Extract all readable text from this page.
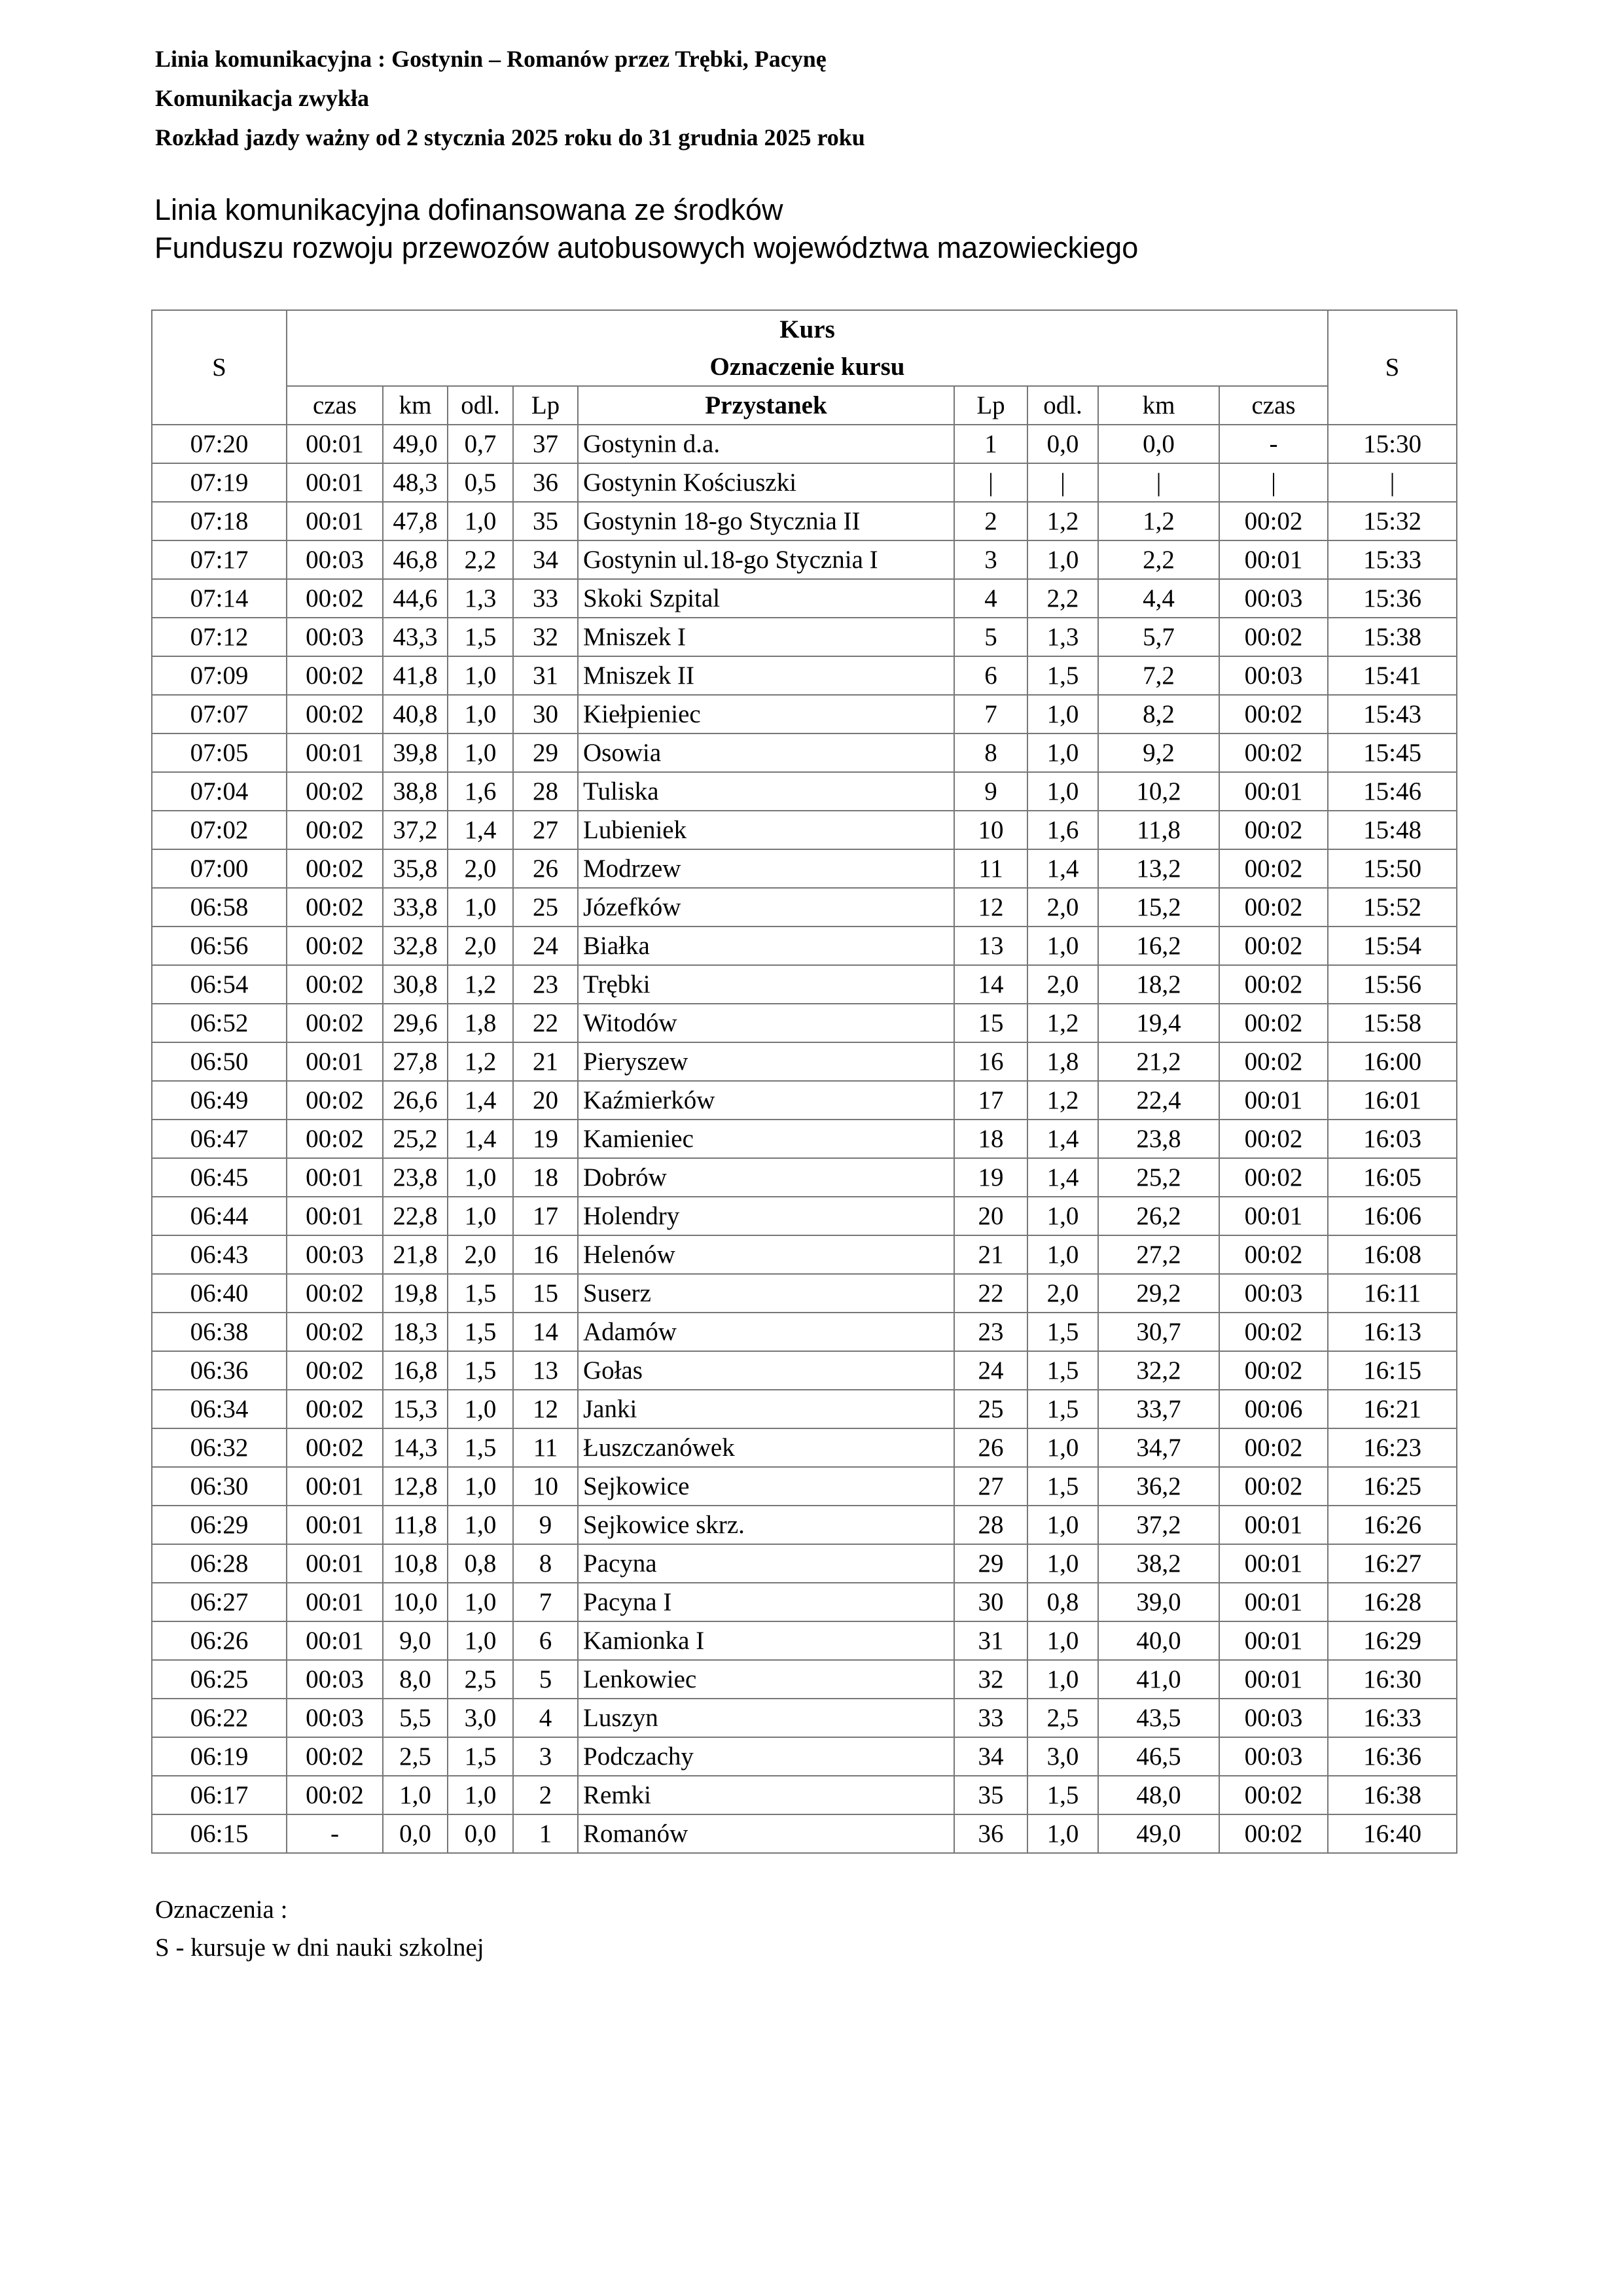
Linia komunikacyjna : Gostynin – Romanów przez Trębki, Pacynę
Komunikacja zwykła
Rozkład jazdy ważny od 2 stycznia 2025 roku do 31 grudnia 2025 roku
Linia komunikacyjna dofinansowana ze środków
Funduszu rozwoju przewozów autobusowych województwa mazowieckiego
S	Kurs									S
	Oznaczenie kursu									
	czas	km	odl.	Lp	Przystanek	Lp	odl.	km	czas	
07:20	00:01	49,0	0,7	37	Gostynin d.a.	1	0,0	0,0	-	15:30
07:19	00:01	48,3	0,5	36	Gostynin Kościuszki	|	|	|	|	|
07:18	00:01	47,8	1,0	35	Gostynin 18-go Stycznia II	2	1,2	1,2	00:02	15:32
07:17	00:03	46,8	2,2	34	Gostynin ul.18-go Stycznia I	3	1,0	2,2	00:01	15:33
07:14	00:02	44,6	1,3	33	Skoki Szpital	4	2,2	4,4	00:03	15:36
07:12	00:03	43,3	1,5	32	Mniszek I	5	1,3	5,7	00:02	15:38
07:09	00:02	41,8	1,0	31	Mniszek II	6	1,5	7,2	00:03	15:41
07:07	00:02	40,8	1,0	30	Kiełpieniec	7	1,0	8,2	00:02	15:43
07:05	00:01	39,8	1,0	29	Osowia	8	1,0	9,2	00:02	15:45
07:04	00:02	38,8	1,6	28	Tuliska	9	1,0	10,2	00:01	15:46
07:02	00:02	37,2	1,4	27	Lubieniek	10	1,6	11,8	00:02	15:48
07:00	00:02	35,8	2,0	26	Modrzew	11	1,4	13,2	00:02	15:50
06:58	00:02	33,8	1,0	25	Józefków	12	2,0	15,2	00:02	15:52
06:56	00:02	32,8	2,0	24	Białka	13	1,0	16,2	00:02	15:54
06:54	00:02	30,8	1,2	23	Trębki	14	2,0	18,2	00:02	15:56
06:52	00:02	29,6	1,8	22	Witodów	15	1,2	19,4	00:02	15:58
06:50	00:01	27,8	1,2	21	Pieryszew	16	1,8	21,2	00:02	16:00
06:49	00:02	26,6	1,4	20	Kaźmierków	17	1,2	22,4	00:01	16:01
06:47	00:02	25,2	1,4	19	Kamieniec	18	1,4	23,8	00:02	16:03
06:45	00:01	23,8	1,0	18	Dobrów	19	1,4	25,2	00:02	16:05
06:44	00:01	22,8	1,0	17	Holendry	20	1,0	26,2	00:01	16:06
06:43	00:03	21,8	2,0	16	Helenów	21	1,0	27,2	00:02	16:08
06:40	00:02	19,8	1,5	15	Suserz	22	2,0	29,2	00:03	16:11
06:38	00:02	18,3	1,5	14	Adamów	23	1,5	30,7	00:02	16:13
06:36	00:02	16,8	1,5	13	Gołas	24	1,5	32,2	00:02	16:15
06:34	00:02	15,3	1,0	12	Janki	25	1,5	33,7	00:06	16:21
06:32	00:02	14,3	1,5	11	Łuszczanówek	26	1,0	34,7	00:02	16:23
06:30	00:01	12,8	1,0	10	Sejkowice	27	1,5	36,2	00:02	16:25
06:29	00:01	11,8	1,0	9	Sejkowice skrz.	28	1,0	37,2	00:01	16:26
06:28	00:01	10,8	0,8	8	Pacyna	29	1,0	38,2	00:01	16:27
06:27	00:01	10,0	1,0	7	Pacyna I	30	0,8	39,0	00:01	16:28
06:26	00:01	9,0	1,0	6	Kamionka I	31	1,0	40,0	00:01	16:29
06:25	00:03	8,0	2,5	5	Lenkowiec	32	1,0	41,0	00:01	16:30
06:22	00:03	5,5	3,0	4	Luszyn	33	2,5	43,5	00:03	16:33
06:19	00:02	2,5	1,5	3	Podczachy	34	3,0	46,5	00:03	16:36
06:17	00:02	1,0	1,0	2	Remki	35	1,5	48,0	00:02	16:38
06:15	-	0,0	0,0	1	Romanów	36	1,0	49,0	00:02	16:40
Oznaczenia :
S - kursuje w dni nauki szkolnej
